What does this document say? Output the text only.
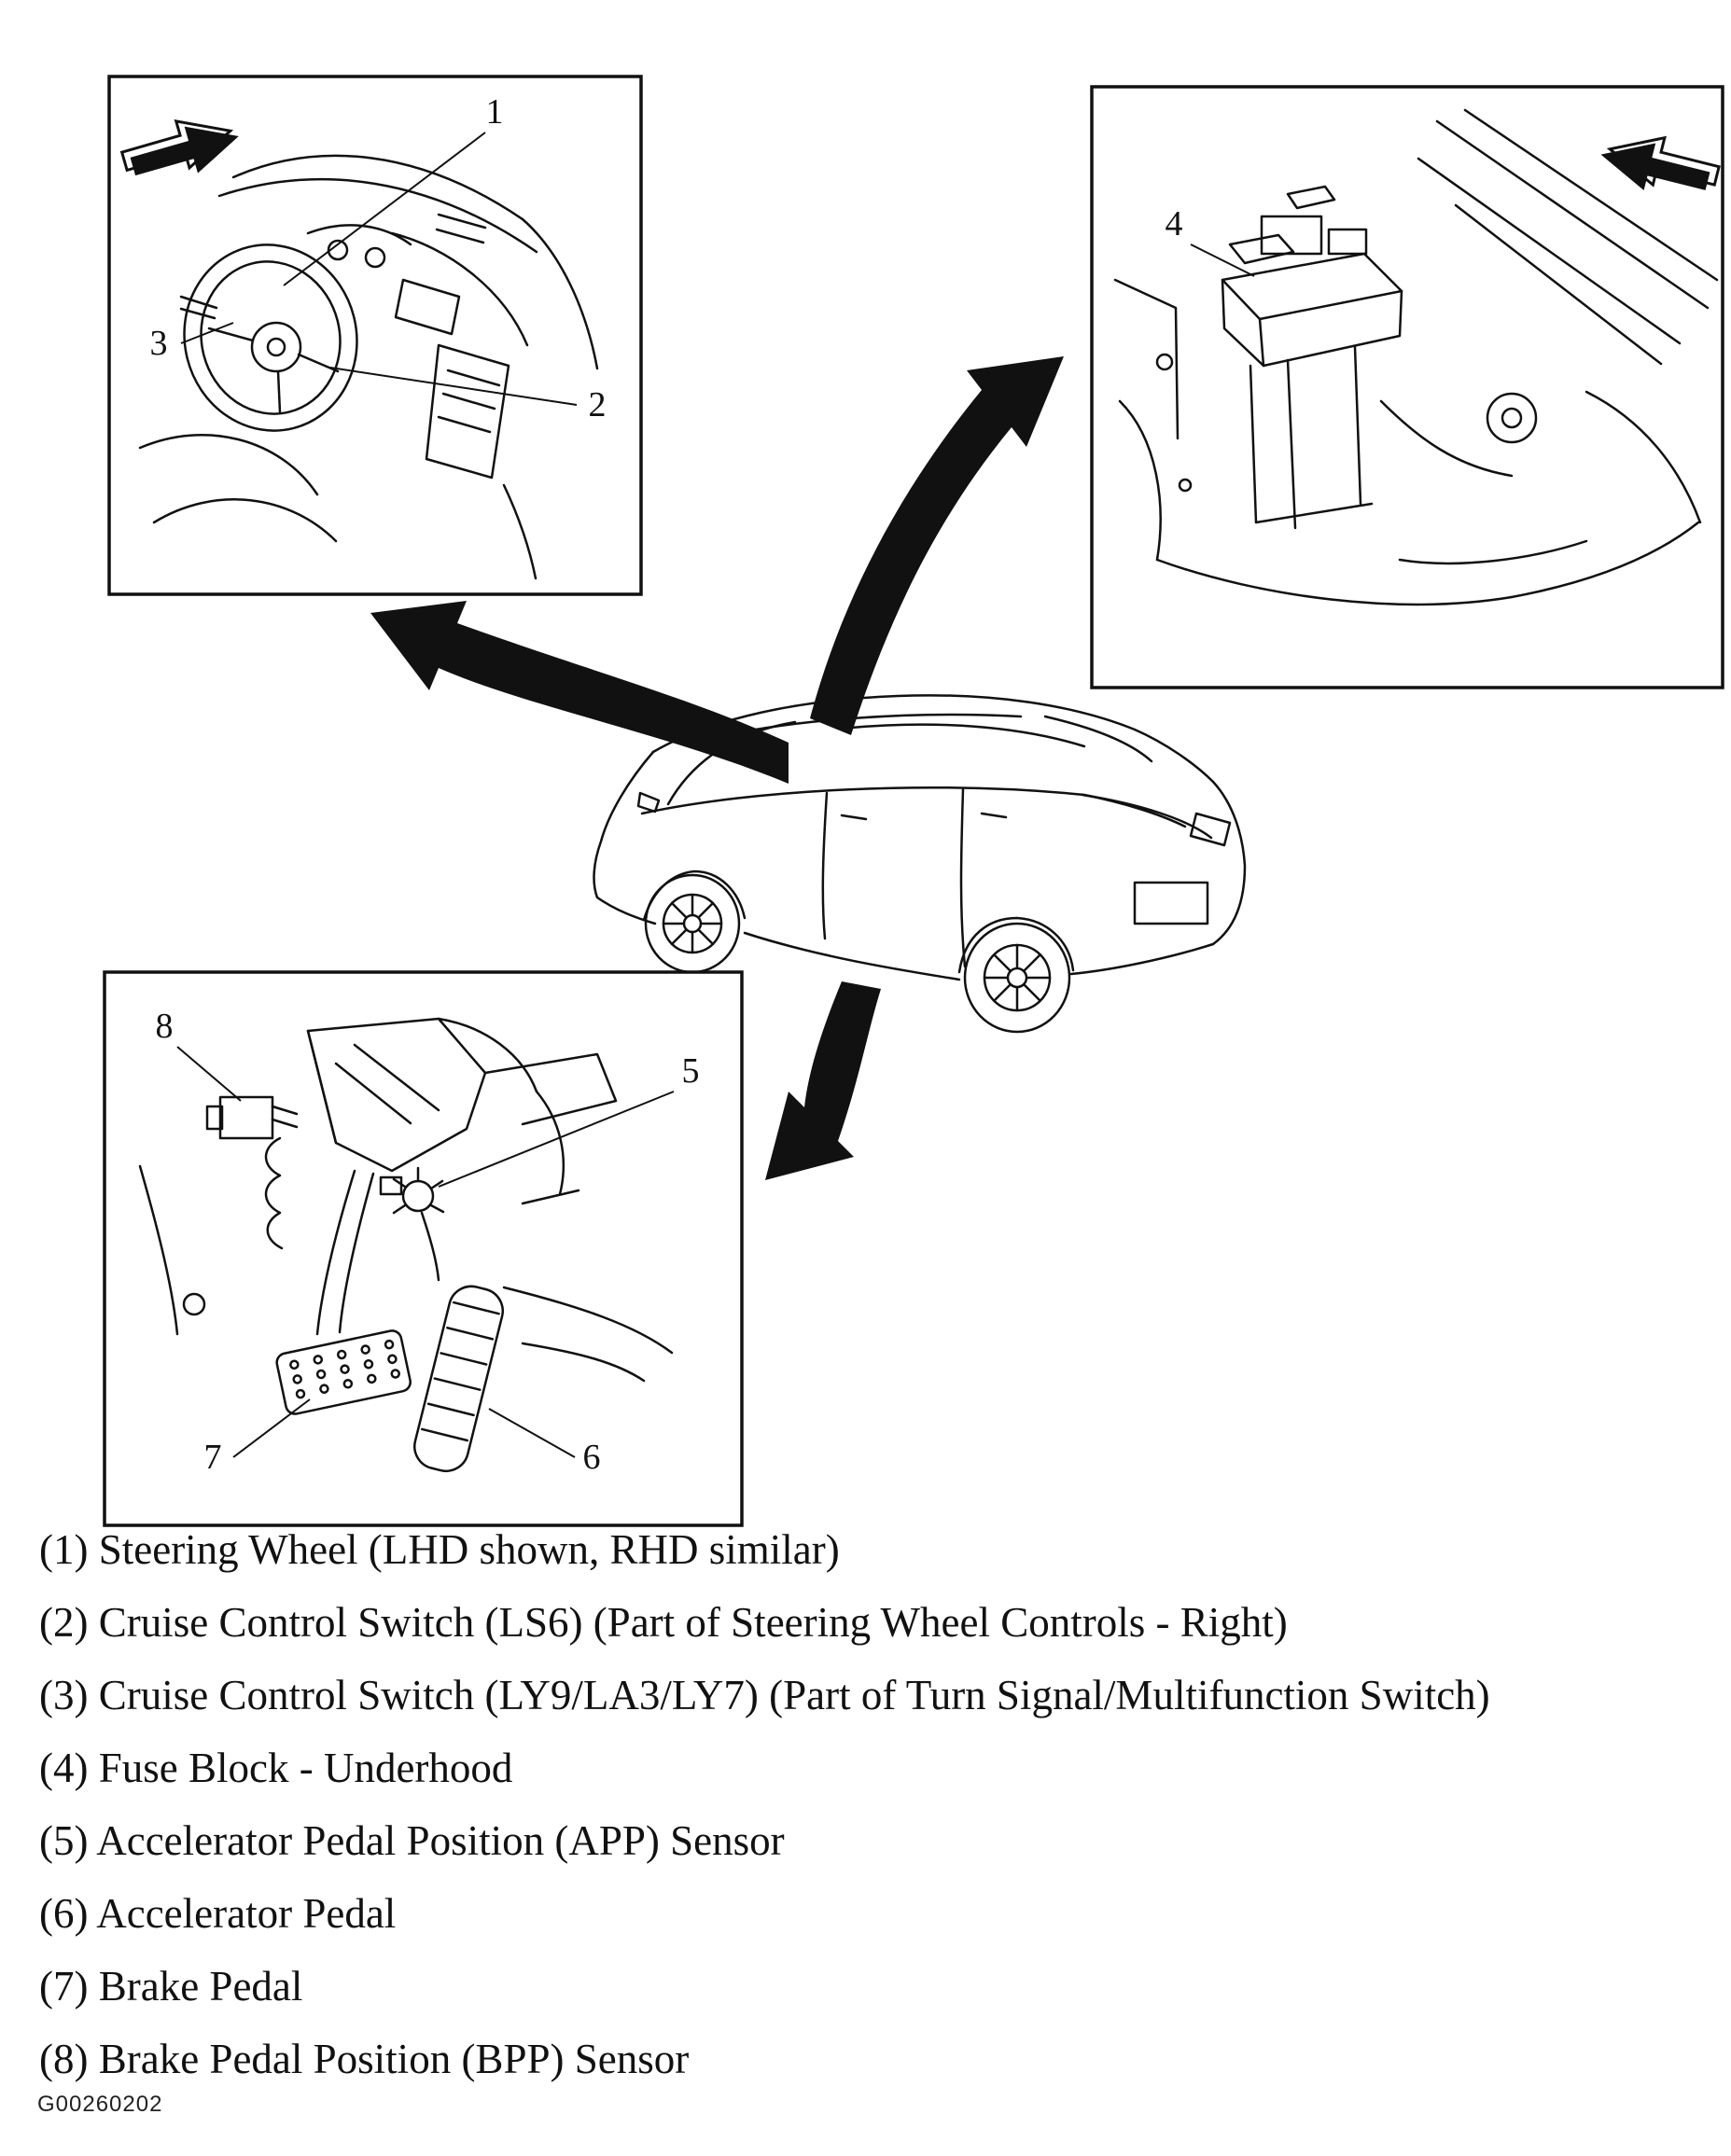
1
2
3
4
8
5
7	6
(1) Steering Wheel (LHD shown, RHD similar)
(2) Cruise Control Switch (LS6) (Part of Steering Wheel Controls - Right)
(3) Cruise Control Switch (LY9/LA3/LY7) (Part of Turn Signal/Multifunction Switch)
(4) Fuse Block - Underhood
(5) Accelerator Pedal Position (APP) Sensor
(6) Accelerator Pedal
(7) Brake Pedal
(8) Brake Pedal Position (BPP) Sensor
G00260202
